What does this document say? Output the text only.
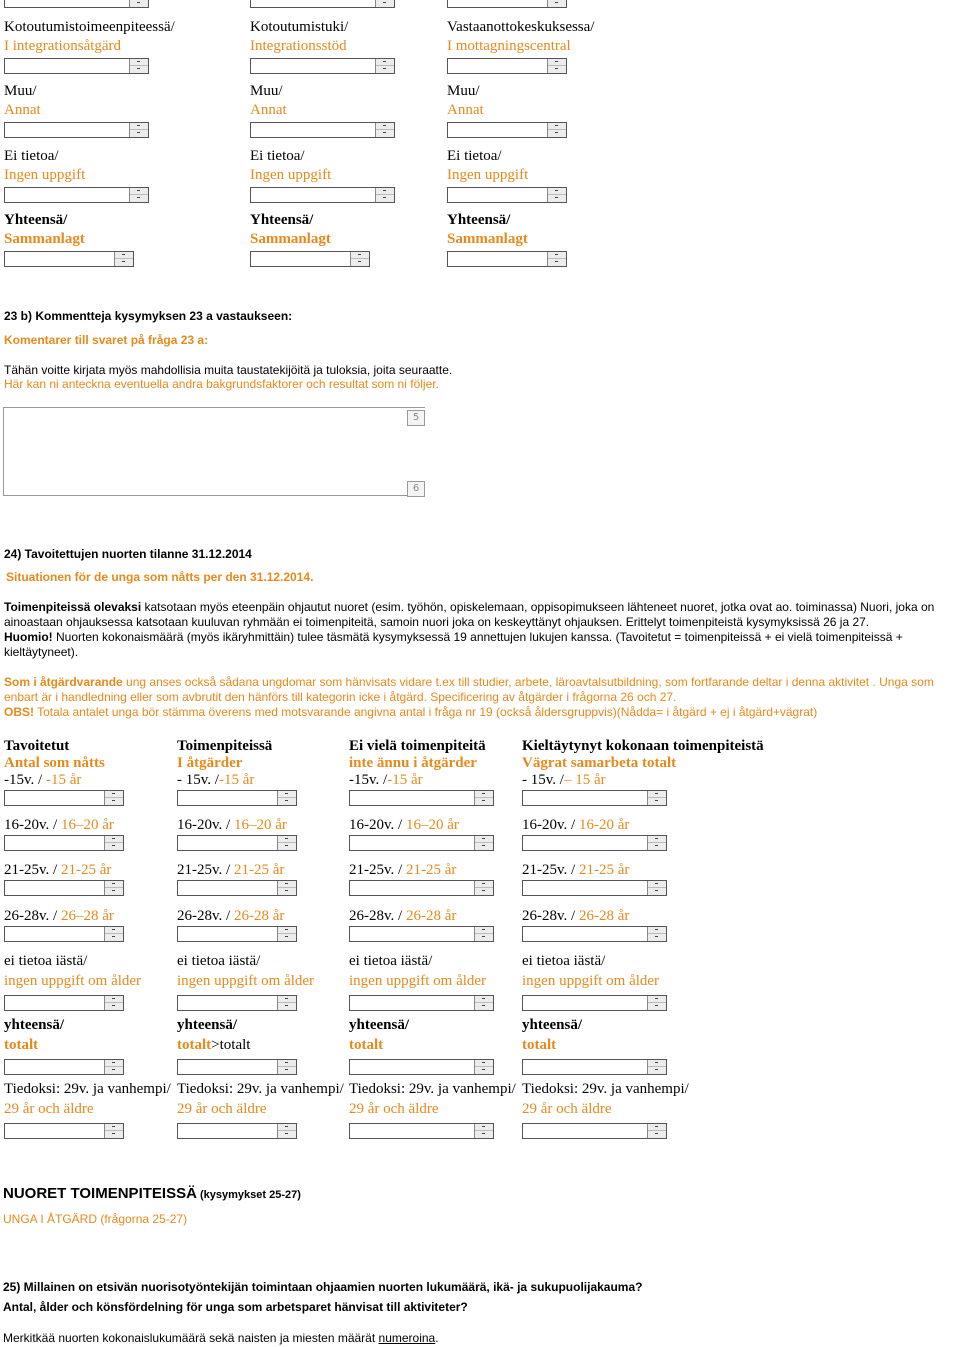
Kotoutumistoimeenpiteessä/
I integrationsåtgärd
Muu/
Annat
Ei tietoa/
Ingen uppgift
Yhteensä/
Sammanlagt
Kotoutumistuki/
Integrationsstöd
Muu/
Annat
Ei tietoa/
Ingen uppgift
Yhteensä/
Sammanlagt
Vastaanottokeskuksessa/
I mottagningscentral
Muu/
Annat
Ei tietoa/
Ingen uppgift
Yhteensä/
Sammanlagt
23 b) Kommentteja kysymyksen 23 a vastaukseen:
Komentarer till svaret på fråga 23 a:
Tähän voitte kirjata myös mahdollisia muita taustatekijöitä ja tuloksia, joita seuraatte.
Här kan ni anteckna eventuella andra bakgrundsfaktorer och resultat som ni följer.
5
6
24) Tavoitettujen nuorten tilanne 31.12.2014
Situationen för de unga som nåtts per den 31.12.2014.
Toimenpiteissä olevaksi katsotaan myös eteenpäin ohjautut nuoret (esim. työhön, opiskelemaan, oppisopimukseen lähteneet nuoret, jotka ovat ao. toiminassa) Nuori, joka on ainoastaan ohjauksessa katsotaan kuuluvan ryhmään ei toimenpiteitä, samoin nuori joka on keskeyttänyt ohjauksen. Erittelyt toimenpiteistä kysymyksissä 26 ja 27.
Huomio! Nuorten kokonaismäärä (myös ikäryhmittäin) tulee täsmätä kysymyksessä 19 annettujen lukujen kanssa. (Tavoitetut = toimenpiteissä + ei vielä toimenpiteissä + kieltäytyneet).
Som i åtgärdvarande ung anses också sådana ungdomar som hänvisats vidare t.ex till studier, arbete, läroavtalsutbildning, som fortfarande deltar i denna aktivitet . Unga som enbart är i handledning eller som avbrutit den hänförs till kategorin icke i åtgärd. Specificering av åtgärder i frågorna 26 och 27.
OBS! Totala antalet unga bör stämma överens med motsvarande angivna antal i fråga nr 19 (också åldersgruppvis)(Nådda= i åtgärd + ej i åtgärd+vägrat)
Tavoitetut
Antal som nåtts
-15v. / -15 år
16-20v. / 16–20 år
21-25v. / 21-25 år
26-28v. / 26–28 år
ei tietoa iästä/
ingen uppgift om ålder
yhteensä/
totalt
Tiedoksi: 29v. ja vanhempi/
29 år och äldre
Toimenpiteissä
I åtgärder
- 15v. /-15 år
16-20v. / 16–20 år
21-25v. / 21-25 år
26-28v. / 26-28 år
ei tietoa iästä/
ingen uppgift om ålder
yhteensä/
totalt>totalt
Tiedoksi: 29v. ja vanhempi/
29 år och äldre
Ei vielä toimenpiteitä
inte ännu i åtgärder
-15v. /-15 år
16-20v. / 16–20 år
21-25v. / 21-25 år
26-28v. / 26-28 år
ei tietoa iästä/
ingen uppgift om ålder
yhteensä/
totalt
Tiedoksi: 29v. ja vanhempi/
29 år och äldre
Kieltäytynyt kokonaan toimenpiteistä
Vägrat samarbeta totalt
- 15v. /– 15 år
16-20v. / 16-20 år
21-25v. / 21-25 år
26-28v. / 26-28 år
ei tietoa iästä/
ingen uppgift om ålder
yhteensä/
totalt
Tiedoksi: 29v. ja vanhempi/
29 år och äldre
NUORET TOIMENPITEISSÄ (kysymykset 25-27)
UNGA I ÅTGÄRD (frågorna 25-27)
25) Millainen on etsivän nuorisotyöntekijän toimintaan ohjaamien nuorten lukumäärä, ikä- ja sukupuolijakauma?
Antal, ålder och könsfördelning för unga som arbetsparet hänvisat till aktiviteter?
Merkitkää nuorten kokonaislukumäärä sekä naisten ja miesten määrät numeroina.
